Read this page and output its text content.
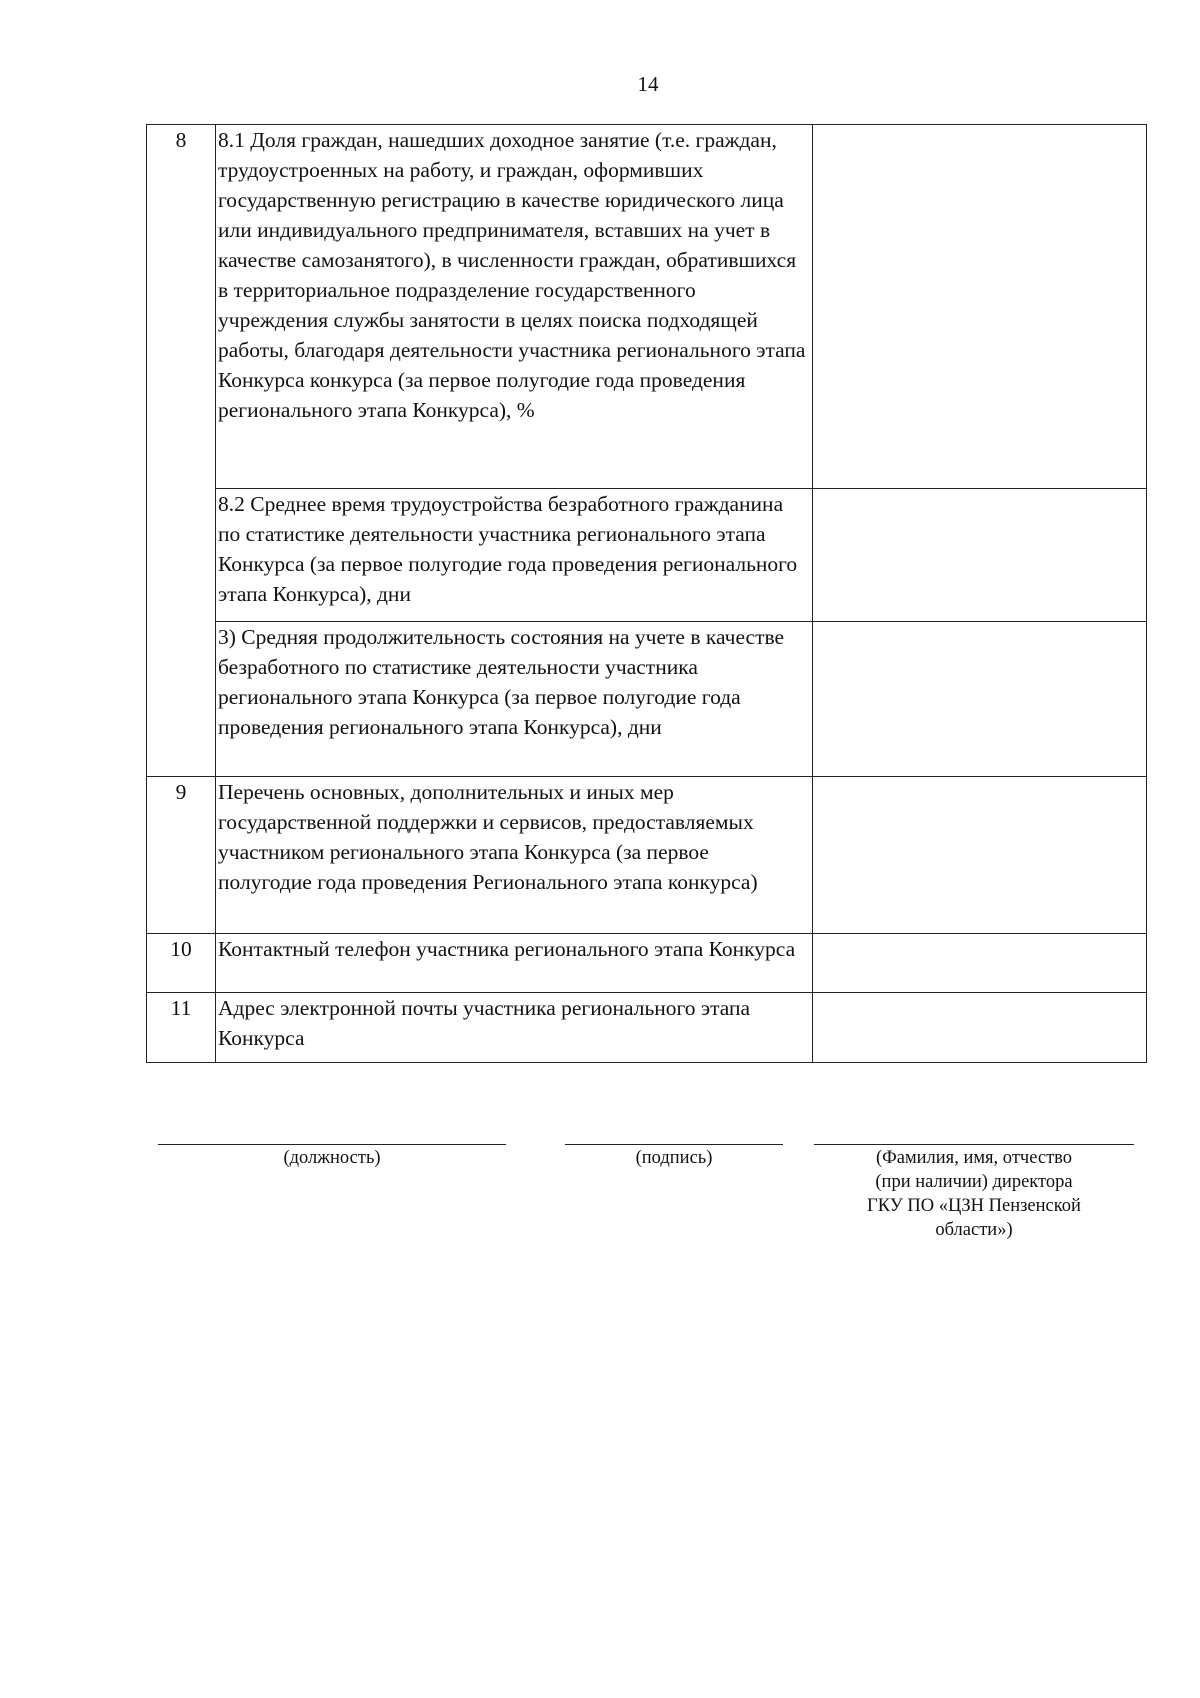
14
8	8.1 Доля граждан, нашедших доходное занятие (т.е. граждан, трудоустроенных на работу, и граждан, оформивших государственную регистрацию в качестве юридического лица или индивидуального предпринимателя, вставших на учет в качестве самозанятого), в численности граждан, обратившихся в территориальное подразделение государственного учреждения службы занятости в целях поиска подходящей работы, благодаря деятельности участника регионального этапа Конкурса конкурса (за первое полугодие года проведения регионального этапа Конкурса), %	
	8.2 Среднее время трудоустройства безработного гражданина по статистике деятельности участника регионального этапа Конкурса (за первое полугодие года проведения регионального этапа Конкурса), дни	
	3) Средняя продолжительность состояния на учете в качестве безработного по статистике деятельности участника регионального этапа Конкурса (за первое полугодие года проведения регионального этапа Конкурса), дни	
9	Перечень основных, дополнительных и иных мер государственной поддержки и сервисов, предоставляемых участником регионального этапа Конкурса (за первое полугодие года проведения Регионального этапа конкурса)	
10	Контактный телефон участника регионального этапа Конкурса	
11	Адрес электронной почты участника регионального этапа Конкурса	
(должность)	(подпись)	(Фамилия, имя, отчество
(при наличии) директора
ГКУ ПО «ЦЗН Пензенской
области»)
